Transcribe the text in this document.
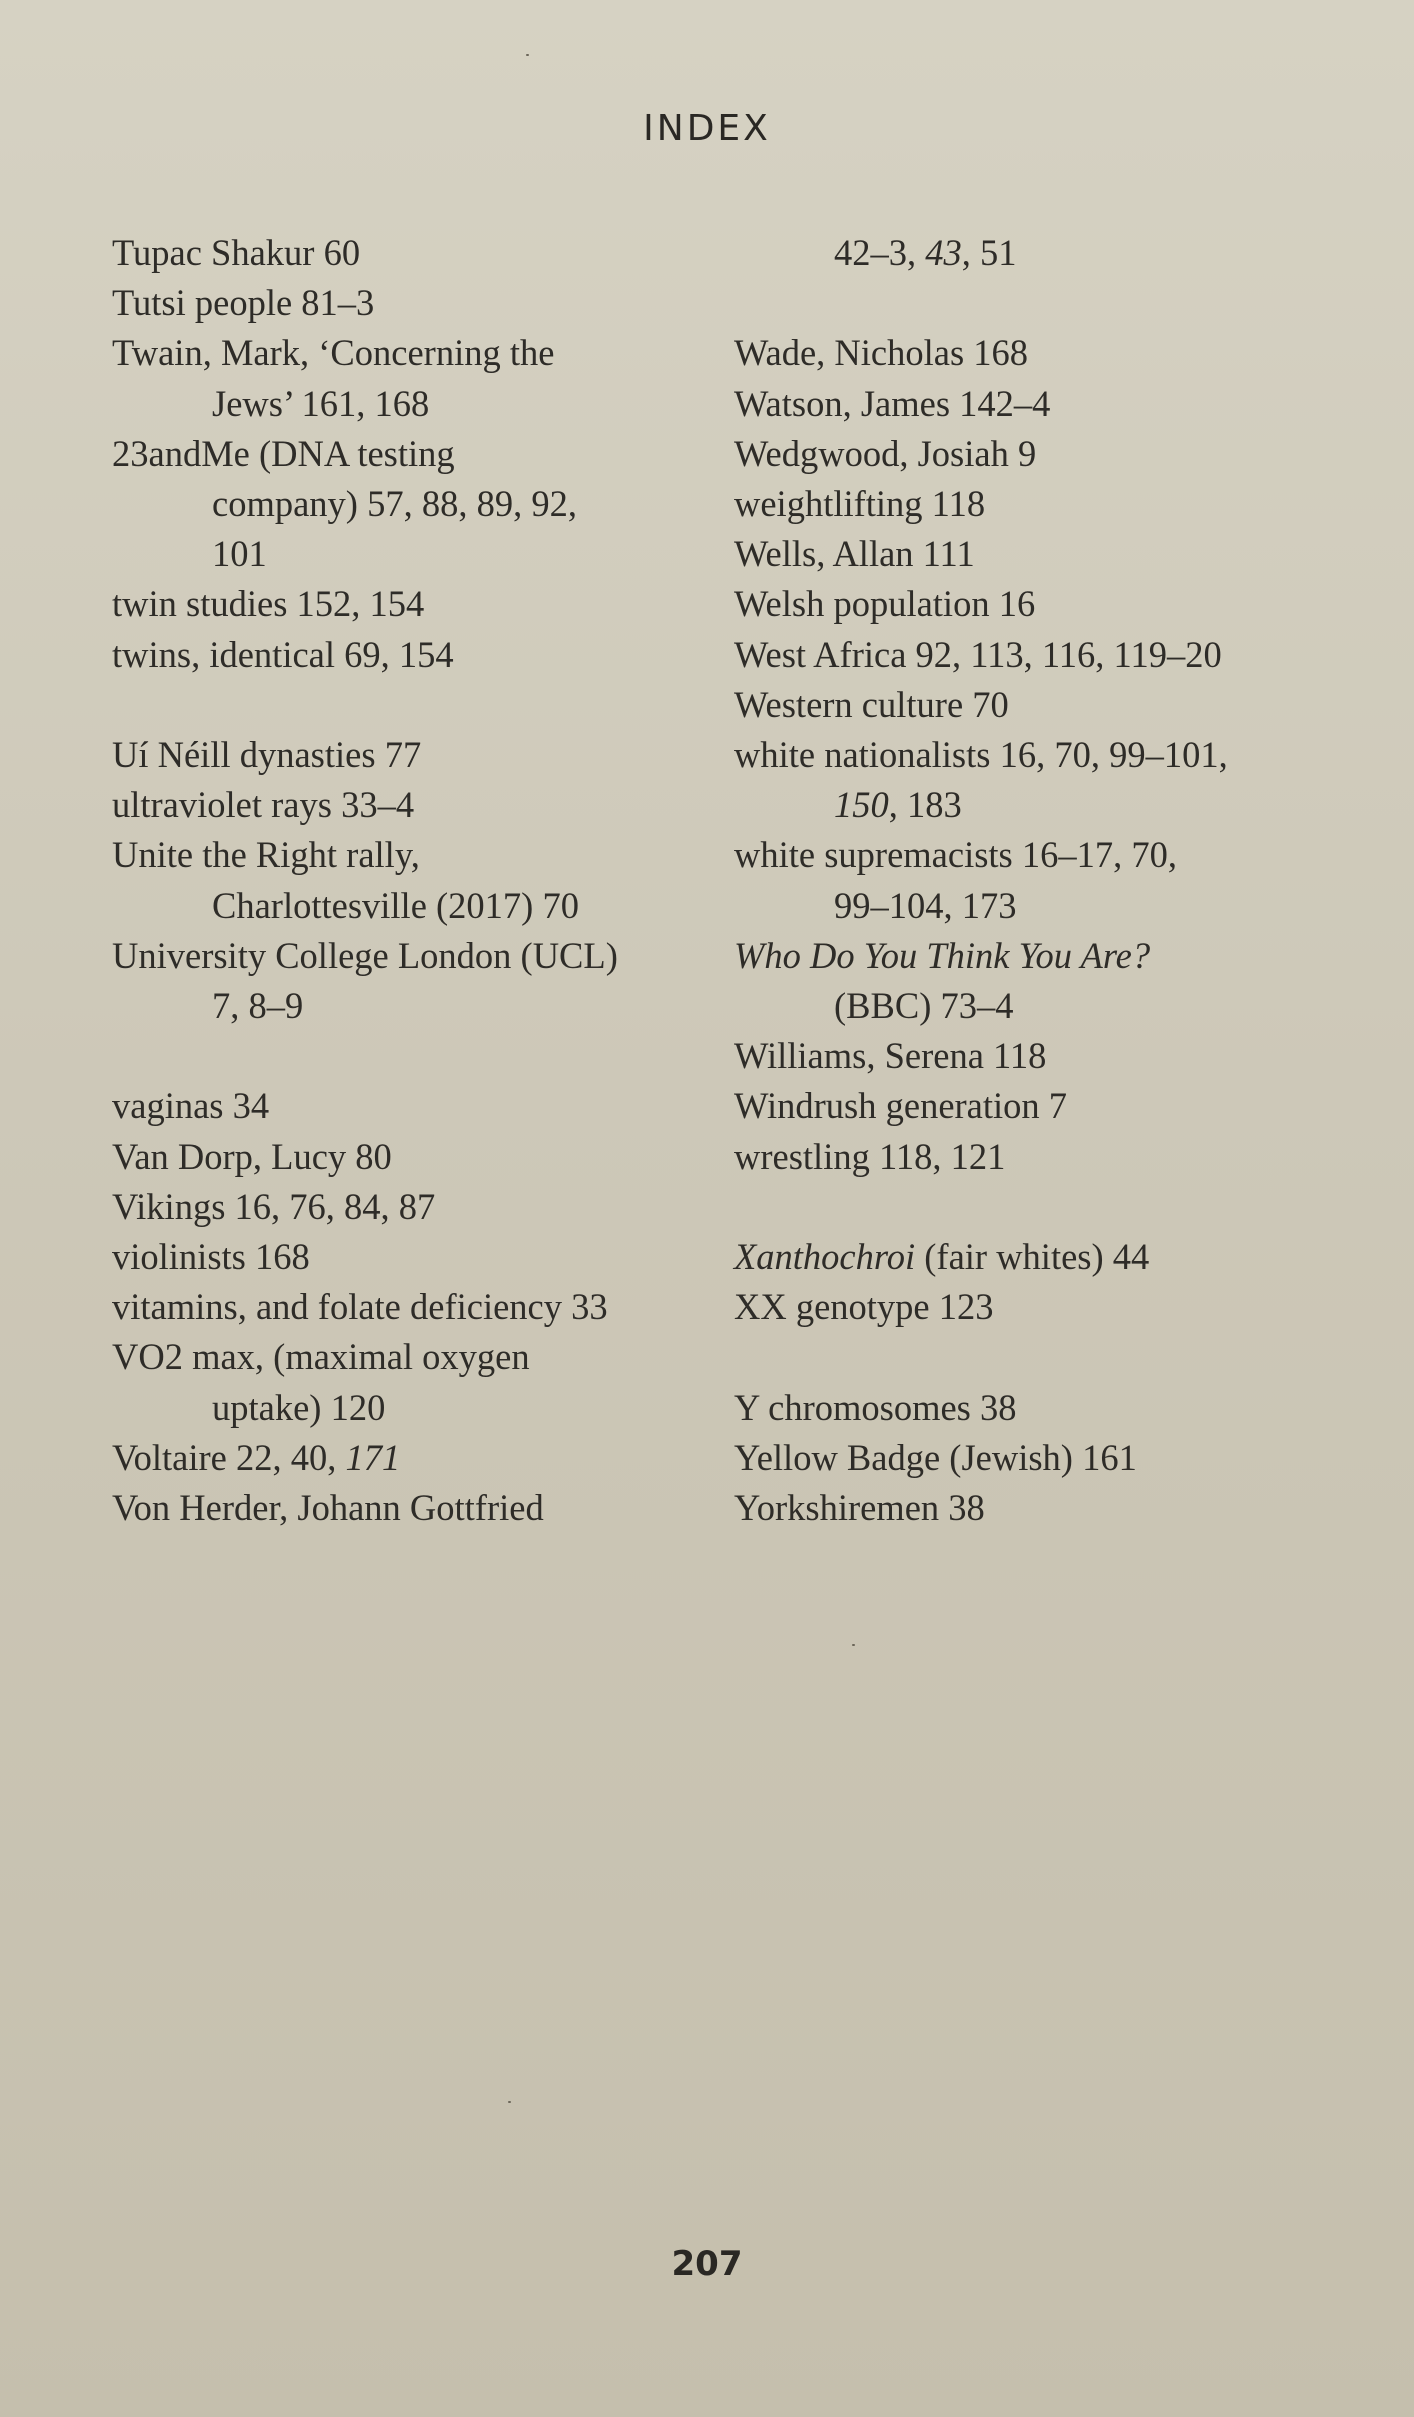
INDEX
Tupac Shakur 60
Tutsi people 81–3
Twain, Mark, ‘Concerning the
Jews’ 161, 168
23andMe (DNA testing
company) 57, 88, 89, 92,
101
twin studies 152, 154
twins, identical 69, 154
Uí Néill dynasties 77
ultraviolet rays 33–4
Unite the Right rally,
Charlottesville (2017) 70
University College London (UCL)
7, 8–9
vaginas 34
Van Dorp, Lucy 80
Vikings 16, 76, 84, 87
violinists 168
vitamins, and folate deficiency 33
VO2 max, (maximal oxygen
uptake) 120
Voltaire 22, 40, 171
Von Herder, Johann Gottfried
42–3, 43, 51
Wade, Nicholas 168
Watson, James 142–4
Wedgwood, Josiah 9
weightlifting 118
Wells, Allan 111
Welsh population 16
West Africa 92, 113, 116, 119–20
Western culture 70
white nationalists 16, 70, 99–101,
150, 183
white supremacists 16–17, 70,
99–104, 173
Who Do You Think You Are?
(BBC) 73–4
Williams, Serena 118
Windrush generation 7
wrestling 118, 121
Xanthochroi (fair whites) 44
XX genotype 123
Y chromosomes 38
Yellow Badge (Jewish) 161
Yorkshiremen 38
207
